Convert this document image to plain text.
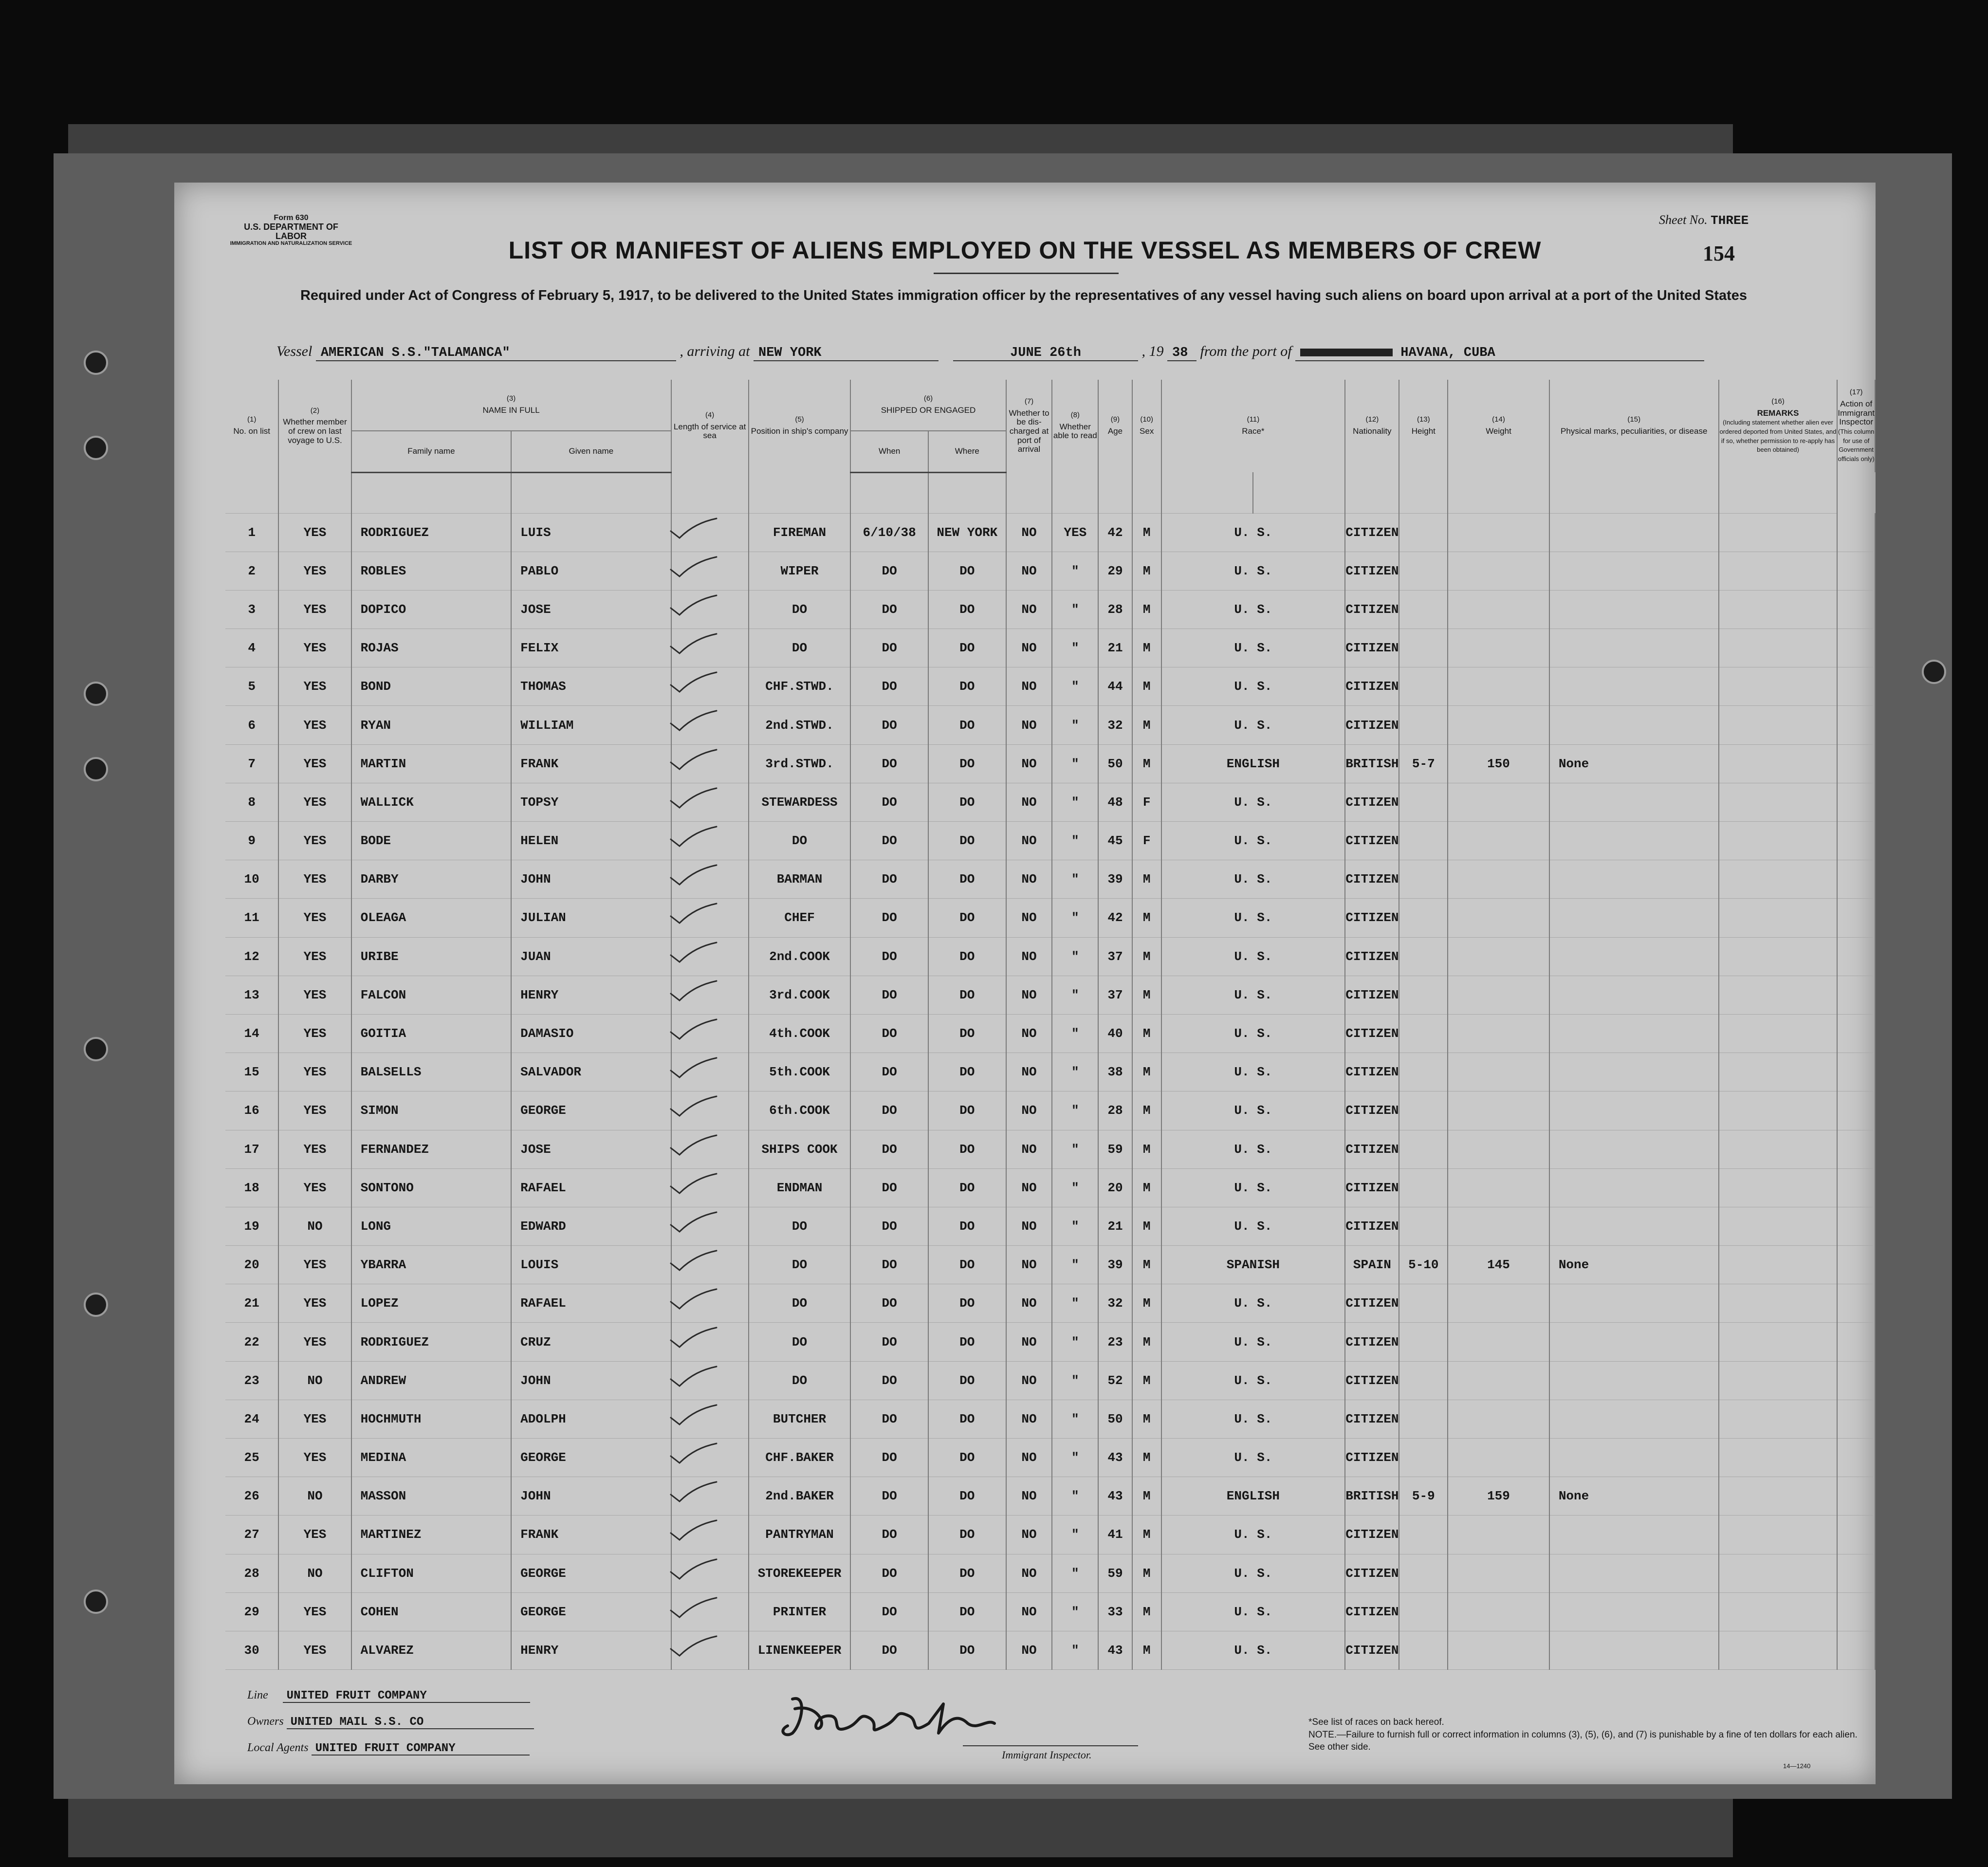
Form 630
U.S. DEPARTMENT OF LABOR
IMMIGRATION AND NATURALIZATION SERVICE
Sheet No. THREE
154
LIST OR MANIFEST OF ALIENS EMPLOYED ON THE VESSEL AS MEMBERS OF CREW
Required under Act of Congress of February 5, 1917, to be delivered to the United States immigration officer by the representatives of any vessel having such aliens on board upon arrival at a port of the United States
Vessel AMERICAN S.S."TALAMANCA"	, arriving at NEW YORK	JUNE 26th	, 19 38 from the port of	HAVANA, CUBA
(1)
No. on list	(2)
Whether member of crew on last voyage to U.S.	(3)
NAME IN FULL		(4)
Length of service at sea	(5)
Position in ship's company	(6)
SHIPPED OR ENGAGED		(7)
Whether to be dis-charged at port of arrival	(8)
Whether able to read	(9)
Age	(10)
Sex	(11)
Race*		(12)
Nationality	(13)
Height	(14)
Weight	(15)
Physical marks, peculiarities, or disease	(16)
REMARKS
(Including statement whether alien ever ordered deported from United States, and if so, whether permission to re-apply has been obtained)	(17)
Action of Immigrant Inspector
(This column for use of Government officials only)
		Family name	Given name			When	Where												

1	YES	RODRIGUEZ	LUIS		FIREMAN	6/10/38	NEW YORK	NO	YES	42	M	U. S.		CITIZEN					
2	YES	ROBLES	PABLO		WIPER	DO	DO	NO	"	29	M	U. S.		CITIZEN					
3	YES	DOPICO	JOSE		DO	DO	DO	NO	"	28	M	U. S.		CITIZEN					
4	YES	ROJAS	FELIX		DO	DO	DO	NO	"	21	M	U. S.		CITIZEN					
5	YES	BOND	THOMAS		CHF.STWD.	DO	DO	NO	"	44	M	U. S.		CITIZEN					
6	YES	RYAN	WILLIAM		2nd.STWD.	DO	DO	NO	"	32	M	U. S.		CITIZEN					
7	YES	MARTIN	FRANK		3rd.STWD.	DO	DO	NO	"	50	M	ENGLISH		BRITISH	5-7	150	None		
8	YES	WALLICK	TOPSY		STEWARDESS	DO	DO	NO	"	48	F	U. S.		CITIZEN					
9	YES	BODE	HELEN		DO	DO	DO	NO	"	45	F	U. S.		CITIZEN					
10	YES	DARBY	JOHN		BARMAN	DO	DO	NO	"	39	M	U. S.		CITIZEN					
11	YES	OLEAGA	JULIAN		CHEF	DO	DO	NO	"	42	M	U. S.		CITIZEN					
12	YES	URIBE	JUAN		2nd.COOK	DO	DO	NO	"	37	M	U. S.		CITIZEN					
13	YES	FALCON	HENRY		3rd.COOK	DO	DO	NO	"	37	M	U. S.		CITIZEN					
14	YES	GOITIA	DAMASIO		4th.COOK	DO	DO	NO	"	40	M	U. S.		CITIZEN					
15	YES	BALSELLS	SALVADOR		5th.COOK	DO	DO	NO	"	38	M	U. S.		CITIZEN					
16	YES	SIMON	GEORGE		6th.COOK	DO	DO	NO	"	28	M	U. S.		CITIZEN					
17	YES	FERNANDEZ	JOSE		SHIPS COOK	DO	DO	NO	"	59	M	U. S.		CITIZEN					
18	YES	SONTONO	RAFAEL		ENDMAN	DO	DO	NO	"	20	M	U. S.		CITIZEN					
19	NO	LONG	EDWARD		DO	DO	DO	NO	"	21	M	U. S.		CITIZEN					
20	YES	YBARRA	LOUIS		DO	DO	DO	NO	"	39	M	SPANISH		SPAIN	5-10	145	None		
21	YES	LOPEZ	RAFAEL		DO	DO	DO	NO	"	32	M	U. S.		CITIZEN					
22	YES	RODRIGUEZ	CRUZ		DO	DO	DO	NO	"	23	M	U. S.		CITIZEN					
23	NO	ANDREW	JOHN		DO	DO	DO	NO	"	52	M	U. S.		CITIZEN					
24	YES	HOCHMUTH	ADOLPH		BUTCHER	DO	DO	NO	"	50	M	U. S.		CITIZEN					
25	YES	MEDINA	GEORGE		CHF.BAKER	DO	DO	NO	"	43	M	U. S.		CITIZEN					
26	NO	MASSON	JOHN		2nd.BAKER	DO	DO	NO	"	43	M	ENGLISH		BRITISH	5-9	159	None		
27	YES	MARTINEZ	FRANK		PANTRYMAN	DO	DO	NO	"	41	M	U. S.		CITIZEN					
28	NO	CLIFTON	GEORGE		STOREKEEPER	DO	DO	NO	"	59	M	U. S.		CITIZEN					
29	YES	COHEN	GEORGE		PRINTER	DO	DO	NO	"	33	M	U. S.		CITIZEN					
30	YES	ALVAREZ	HENRY		LINENKEEPER	DO	DO	NO	"	43	M	U. S.		CITIZEN					
Line UNITED FRUIT COMPANY
Owners UNITED MAIL S.S. CO
Local Agents UNITED FRUIT COMPANY	Immigrant Inspector.
*See list of races on back hereof.
NOTE.—Failure to furnish full or correct information in columns (3), (5), (6), and (7) is punishable by a fine of ten dollars for each alien. See other side.
14—1240
